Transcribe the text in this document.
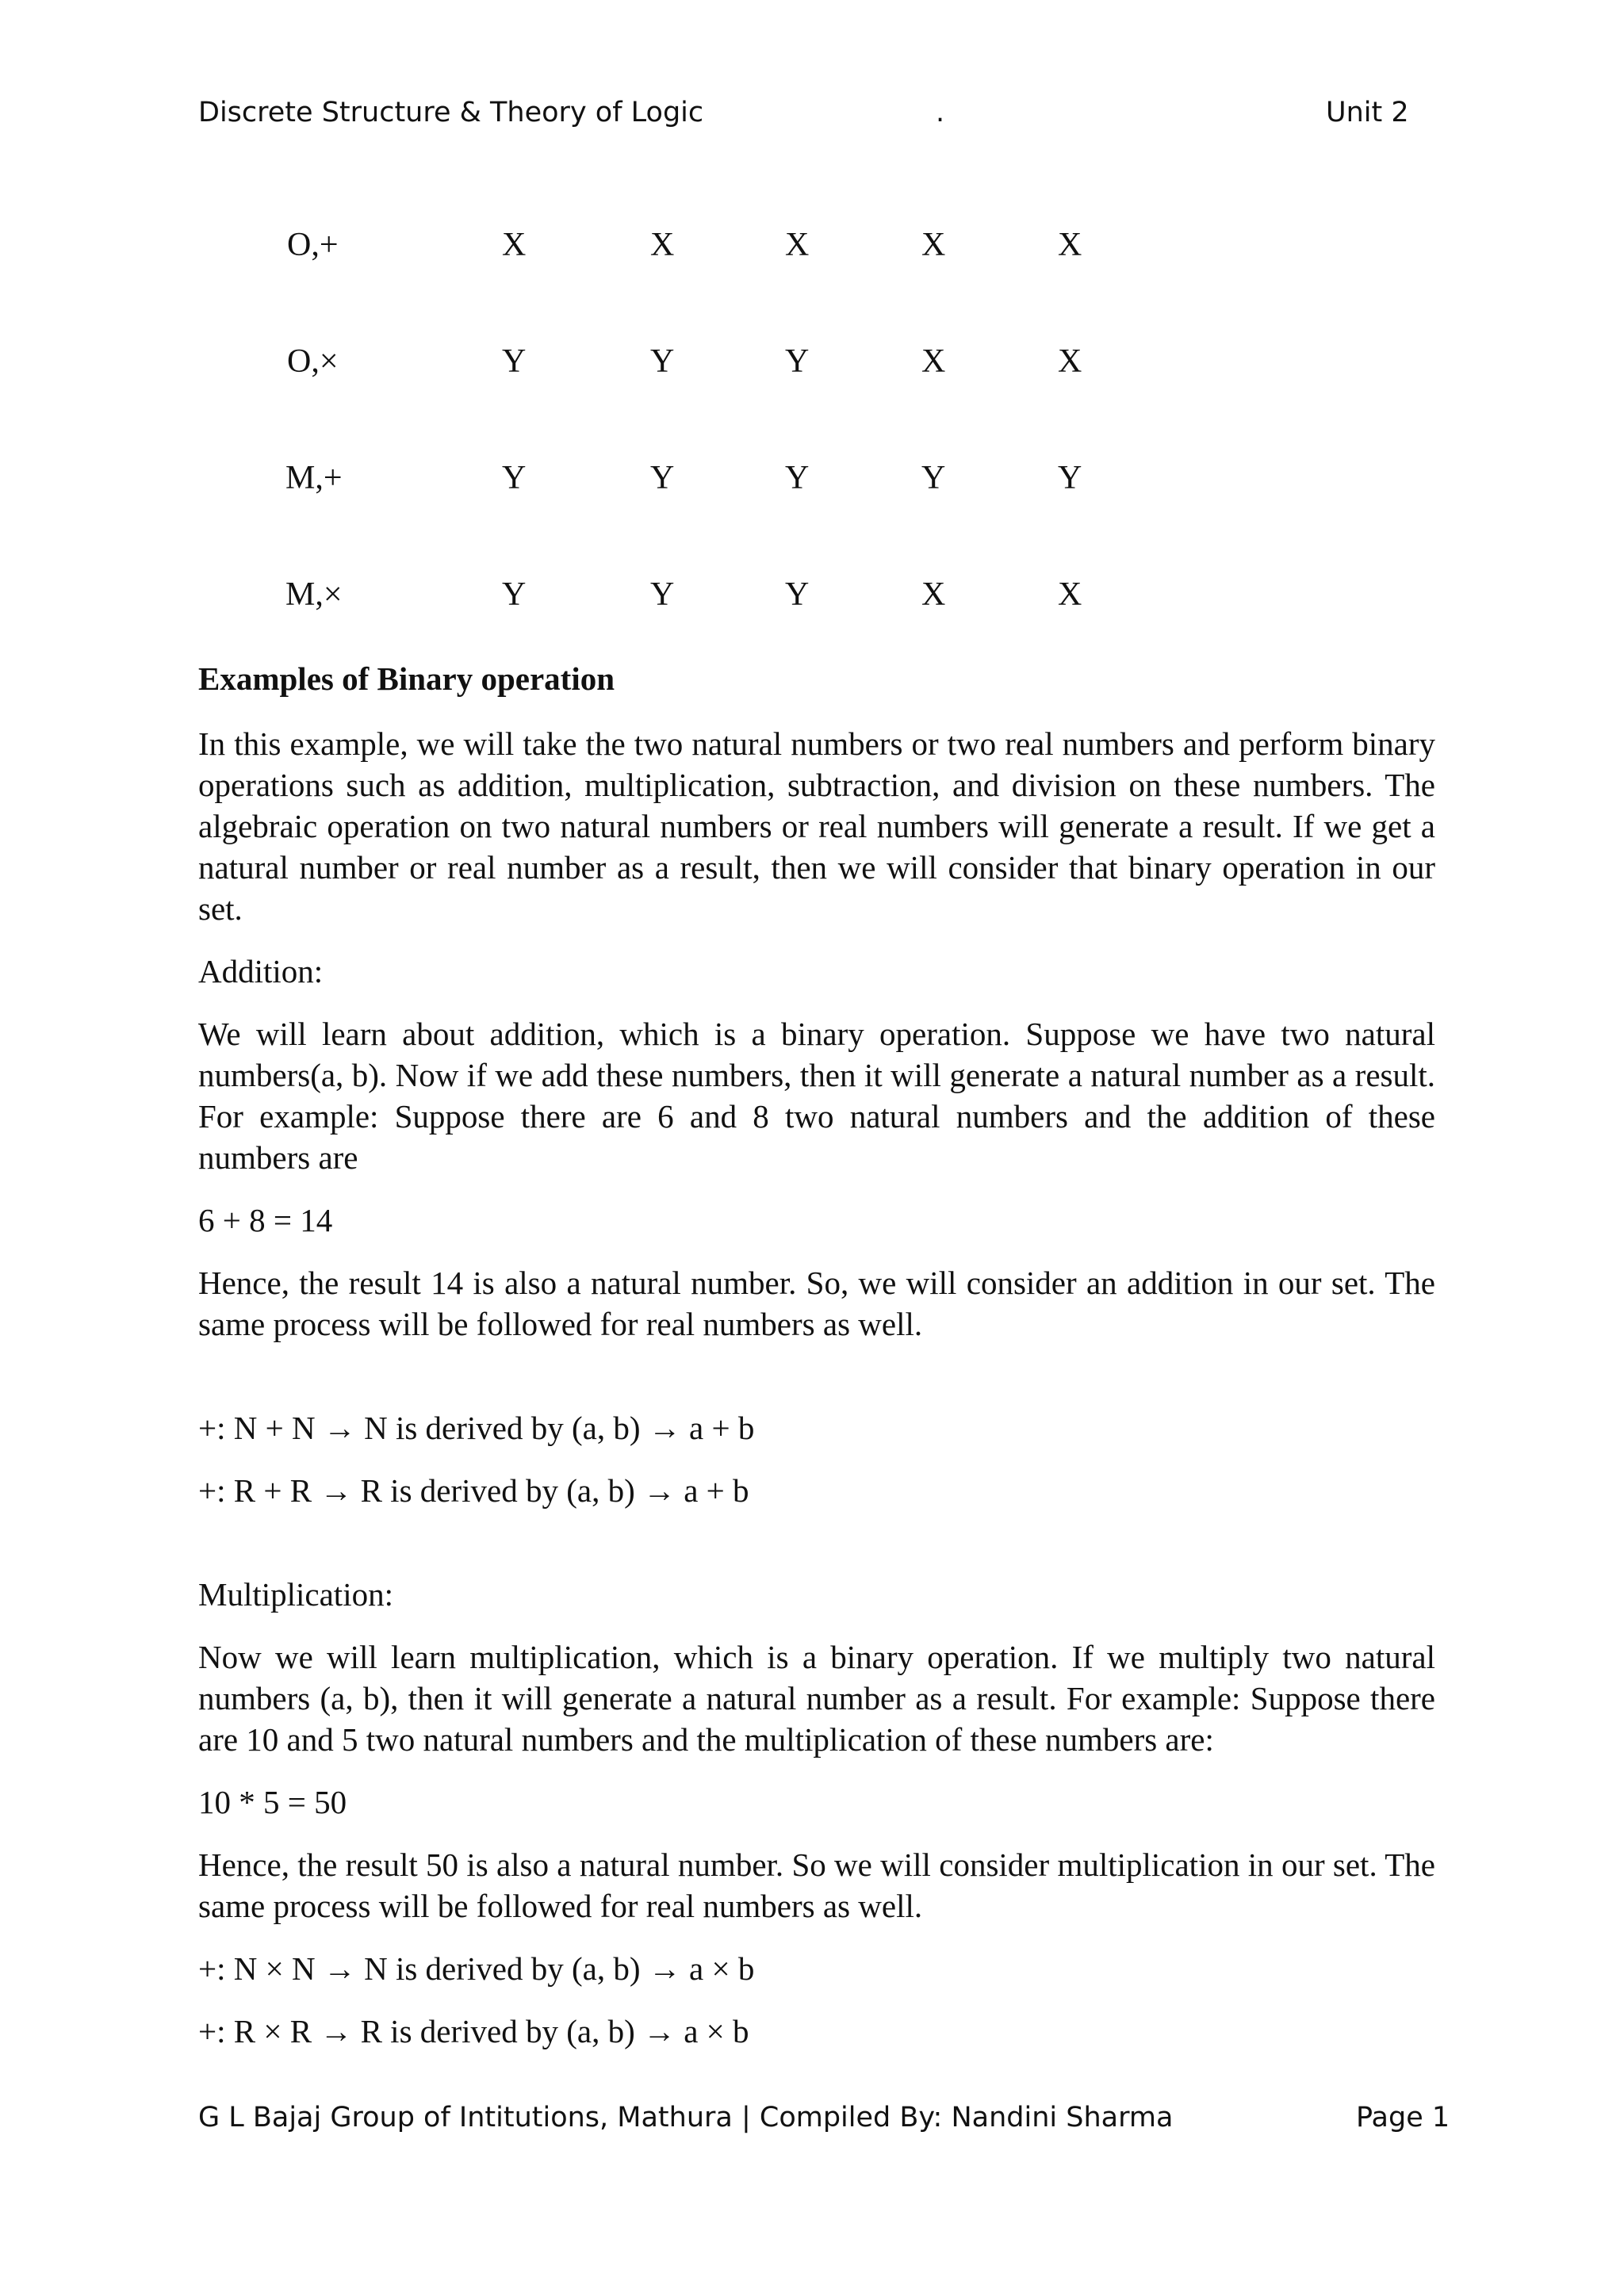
Discrete Structure & Theory of Logic	.	Unit 2
O,+	X	X	X	X	X
O,×	Y	Y	Y	X	X
M,+	Y	Y	Y	Y	Y
M,×	Y	Y	Y	X	X
Examples of Binary operation

In this example, we will take the two natural numbers or two real numbers and perform binary operations such as addition, multiplication, subtraction, and division on these numbers. The algebraic operation on two natural numbers or real numbers will generate a result. If we get a natural number or real number as a result, then we will consider that binary operation in our set.

Addition:

We will learn about addition, which is a binary operation. Suppose we have two natural numbers(a, b). Now if we add these numbers, then it will generate a natural number as a result. For example: Suppose there are 6 and 8 two natural numbers and the addition of these numbers are

6 + 8 = 14

Hence, the result 14 is also a natural number. So, we will consider an addition in our set. The same process will be followed for real numbers as well.

+: N + N → N is derived by (a, b) → a + b

+: R + R → R is derived by (a, b) → a + b

Multiplication:

Now we will learn multiplication, which is a binary operation. If we multiply two natural numbers (a, b), then it will generate a natural number as a result. For example: Suppose there are 10 and 5 two natural numbers and the multiplication of these numbers are:

10 * 5 = 50

Hence, the result 50 is also a natural number. So we will consider multiplication in our set. The same process will be followed for real numbers as well.

+: N × N → N is derived by (a, b) → a × b

+: R × R → R is derived by (a, b) → a × b

G L Bajaj Group of Intitutions, Mathura | Compiled By: Nandini Sharma	Page 1
